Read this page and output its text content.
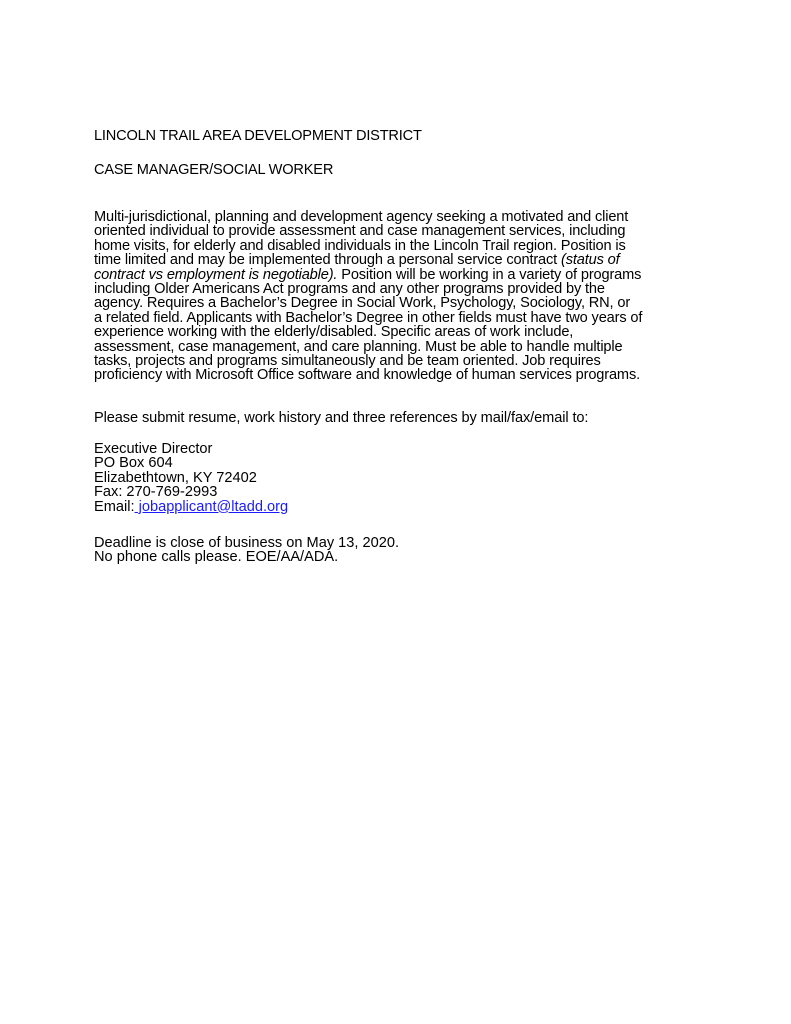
LINCOLN TRAIL AREA DEVELOPMENT DISTRICT
CASE MANAGER/SOCIAL WORKER
Multi-jurisdictional, planning and development agency seeking a motivated and client
oriented individual to provide assessment and case management services, including
home visits, for elderly and disabled individuals in the Lincoln Trail region. Position is
time limited and may be implemented through a personal service contract (status of
contract vs employment is negotiable). Position will be working in a variety of programs
including Older Americans Act programs and any other programs provided by the
agency. Requires a Bachelor’s Degree in Social Work, Psychology, Sociology, RN, or
a related field. Applicants with Bachelor’s Degree in other fields must have two years of
experience working with the elderly/disabled. Specific areas of work include,
assessment, case management, and care planning. Must be able to handle multiple
tasks, projects and programs simultaneously and be team oriented. Job requires
proficiency with Microsoft Office software and knowledge of human services programs.
Please submit resume, work history and three references by mail/fax/email to:
Executive Director
PO Box 604
Elizabethtown, KY 72402
Fax: 270-769-2993
Email: jobapplicant@ltadd.org
Deadline is close of business on May 13, 2020.
No phone calls please. EOE/AA/ADA.
